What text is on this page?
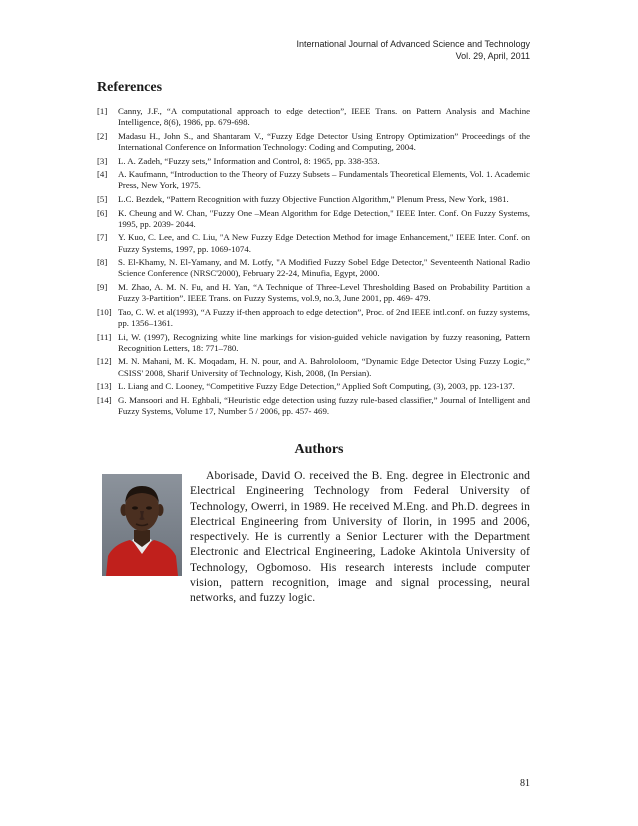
International Journal of Advanced Science and Technology
Vol. 29, April, 2011
References
[1]	Canny, J.F., “A computational approach to edge detection”, IEEE Trans. on Pattern Analysis and Machine Intelligence, 8(6), 1986, pp. 679-698.
[2]	Madasu H., John S., and Shantaram V., “Fuzzy Edge Detector Using Entropy Optimization” Proceedings of the International Conference on Information Technology: Coding and Computing, 2004.
[3]	L. A. Zadeh, “Fuzzy sets,” Information and Control, 8: 1965, pp. 338-353.
[4]	A. Kaufmann, “Introduction to the Theory of Fuzzy Subsets – Fundamentals Theoretical Elements, Vol. 1. Academic Press, New York, 1975.
[5]	L.C. Bezdek, “Pattern Recognition with fuzzy Objective Function Algorithm,” Plenum Press, New York, 1981.
[6]	K. Cheung and W. Chan, "Fuzzy One –Mean Algorithm for Edge Detection," IEEE Inter. Conf. On Fuzzy Systems, 1995, pp. 2039- 2044.
[7]	Y. Kuo, C. Lee, and C. Liu, "A New Fuzzy Edge Detection Method for image Enhancement," IEEE Inter. Conf. on Fuzzy Systems, 1997, pp. 1069-1074.
[8]	S. El-Khamy, N. El-Yamany, and M. Lotfy, "A Modified Fuzzy Sobel Edge Detector," Seventeenth National Radio Science Conference (NRSC'2000), February 22-24, Minufia, Egypt, 2000.
[9]	M. Zhao, A. M. N. Fu, and H. Yan, “A Technique of Three-Level Thresholding Based on Probability Partition a Fuzzy 3-Partition”. IEEE Trans. on Fuzzy Systems, vol.9, no.3, June 2001, pp. 469- 479.
[10] Tao, C. W. et al(1993), “A Fuzzy if-then approach to edge detection”, Proc. of 2nd IEEE intl.conf. on fuzzy systems, pp. 1356–1361.
[11] Li, W. (1997), Recognizing white line markings for vision-guided vehicle navigation by fuzzy reasoning, Pattern Recognition Letters, 18: 771–780.
[12] M. N. Mahani, M. K. Moqadam, H. N. pour, and A. Bahrololoom, “Dynamic Edge Detector Using Fuzzy Logic,” CSISS' 2008, Sharif University of Technology, Kish, 2008, (In Persian).
[13] L. Liang and C. Looney, “Competitive Fuzzy Edge Detection,” Applied Soft Computing, (3), 2003, pp. 123-137.
[14] G. Mansoori and H. Eghbali, “Heuristic edge detection using fuzzy rule-based classifier,” Journal of Intelligent and Fuzzy Systems, Volume 17, Number 5 / 2006, pp. 457- 469.
Authors

Aborisade, David O. received the B. Eng. degree in Electronic and Electrical Engineering Technology from Federal University of Technology, Owerri, in 1989. He received M.Eng. and Ph.D. degrees in Electrical Engineering from University of Ilorin, in 1995 and 2006, respectively. He is currently a Senior Lecturer with the Department Electronic and Electrical Engineering, Ladoke Akintola University of Technology, Ogbomoso. His research interests include computer vision, pattern recognition, image and signal processing, neural networks, and fuzzy logic.

81
